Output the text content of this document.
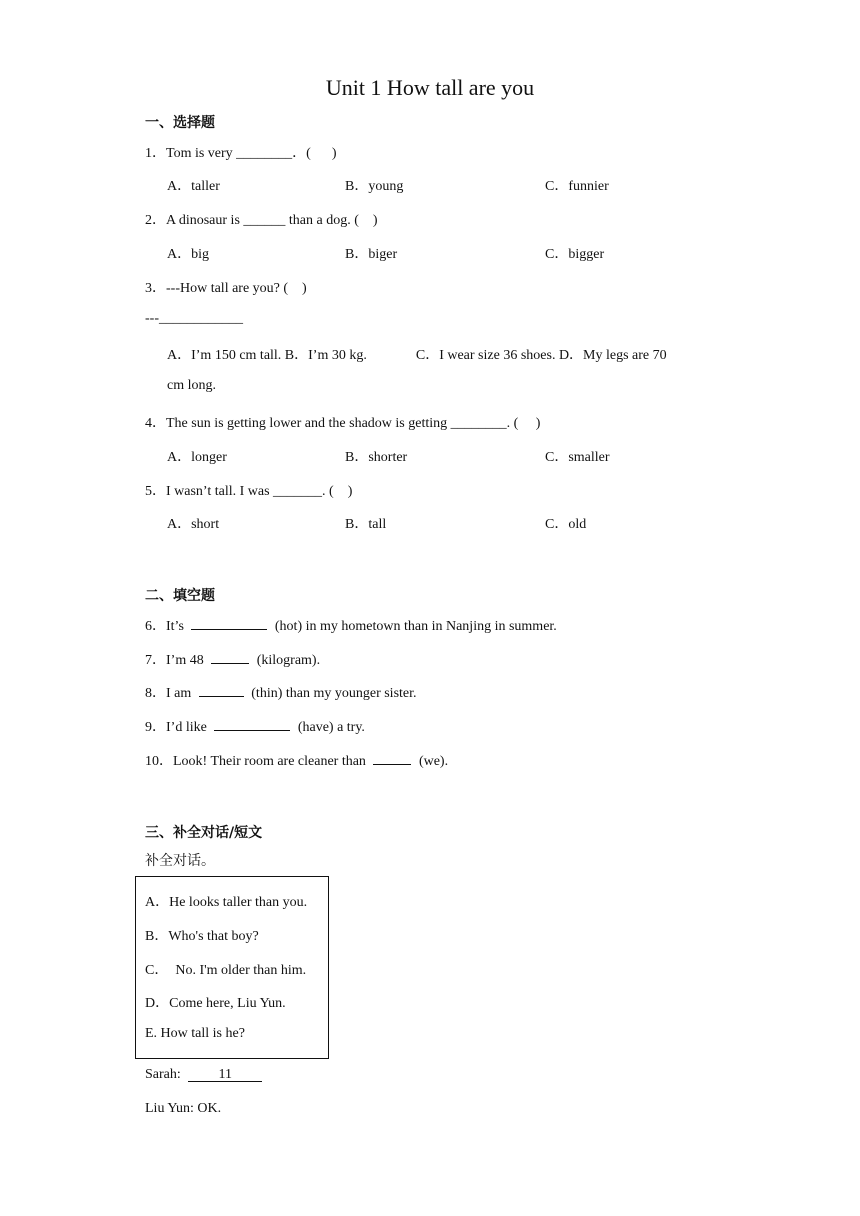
Unit 1 How tall are you
一、选择题
1．Tom is very ________．(      )
A．taller	B．young	C．funnier
2．A dinosaur is ______ than a dog. (    )
A．big	B．biger	C．bigger
3．---How tall are you? (    )
---____________
A．I’m 150 cm tall. B．I’m 30 kg.              C．I wear size 36 shoes. D．My legs are 70
cm long.
4．The sun is getting lower and the shadow is getting ________. (     )
A．longer	B．shorter	C．smaller
5．I wasn’t tall. I was _______. (    )
A．short	B．tall	C．old
二、填空题
6．It’s	(hot) in my hometown than in Nanjing in summer.
7．I’m 48	(kilogram).
8．I am	(thin) than my younger sister.
9．I’d like	(have) a try.
10．Look! Their room are cleaner than	(we).
三、补全对话/短文
补全对话。
A．He looks taller than you.
B．Who's that boy?
C．  No. I'm older than him.
D．Come here, Liu Yun.
E. How tall is he?
Sarah: 11
Liu Yun: OK.
